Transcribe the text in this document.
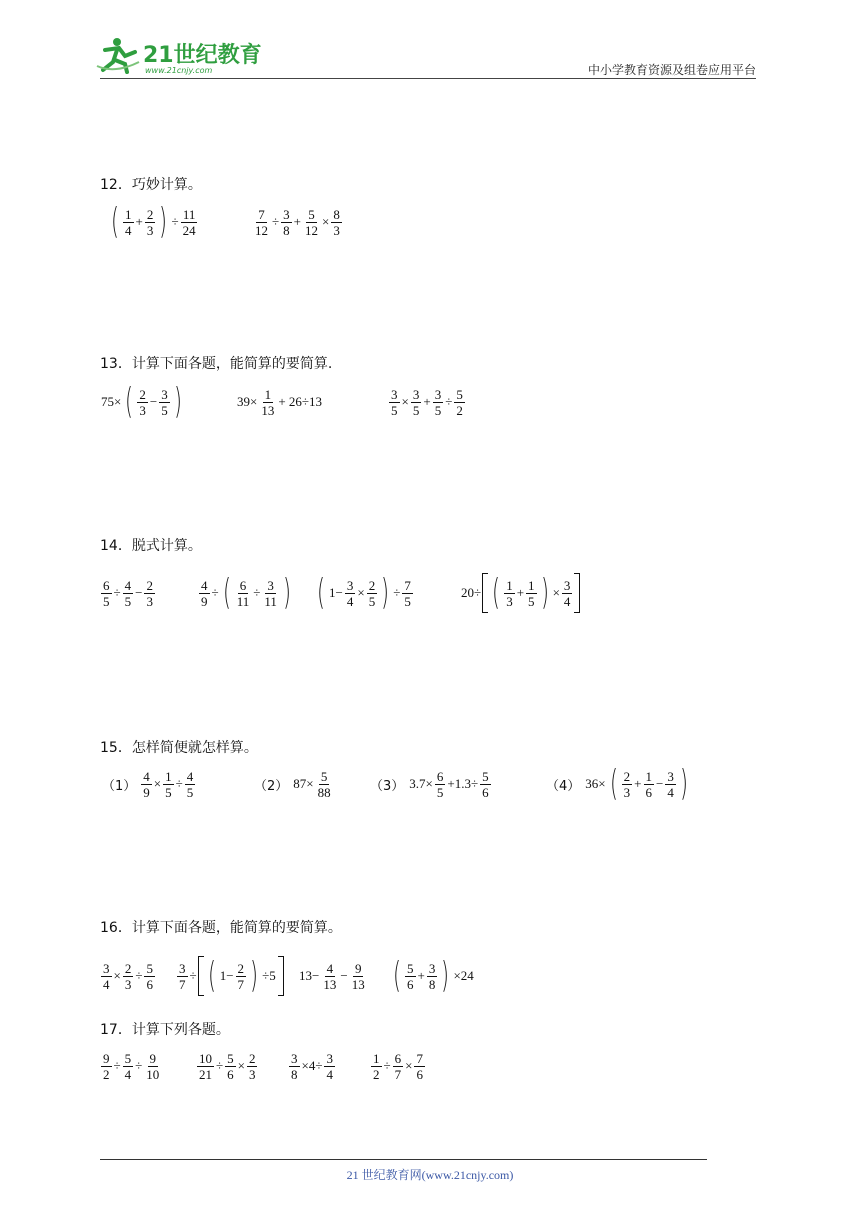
21世纪教育
www.21cnjy.com	中小学教育资源及组卷应用平台
12．巧妙计算。
( $\frac{1}{4} + \frac{2}{3}$ ) ÷ $\frac{11}{24}$	$\frac{7}{12} \div \frac{3}{8} + \frac{5}{12} \times \frac{8}{3}$
13．计算下面各题，能简算的要简算.
75× ( $\frac{2}{3} - \frac{3}{5}$ )	$39\times \frac{1}{13} + 26\div 13$	$\frac{3}{5} \times \frac{3}{5} + \frac{3}{5} \div \frac{5}{2}$
14．脱式计算。
$\frac{6}{5} \div \frac{4}{5} - \frac{2}{3}$	$\frac{4}{9}$ ÷ ( $\frac{6}{11} \div \frac{3}{11}$ ) ( $1- \frac{3}{4} \times \frac{2}{5}$ ) ÷ $\frac{7}{5}$	20÷ ( $\frac{1}{3} + \frac{1}{5}$ ) × $\frac{3}{4}$
15．怎样简便就怎样算。
$(1) \frac{4}{9} \times \frac{1}{5} \div \frac{4}{5}$	（2） $87\times \frac{5}{88}$	（3） $3.7\times \frac{6}{5} +1.3\div \frac{5}{6}$	（4） 36× ( $\frac{2}{3} + \frac{1}{6} - \frac{3}{4}$ )
16．计算下面各题，能简算的要简算。
$\frac{3}{4} \times \frac{2}{3} \div \frac{5}{6} \frac{3}{7}$ ÷ ( $1- \frac{2}{7}$ ) ÷5 $13- \frac{4}{13} - \frac{9}{13}$ ( $\frac{5}{6} + \frac{3}{8}$ ) ×24
17．计算下列各题。
$\frac{9}{2} \div \frac{5}{4} \div \frac{9}{10}$	$\frac{10}{21} \div \frac{5}{6} \times \frac{2}{3} \frac{3}{8} \times 4\div \frac{3}{4}$	$\frac{1}{2} \div \frac{6}{7} \times \frac{7}{6}$
21 世纪教育网(www.21cnjy.com)
